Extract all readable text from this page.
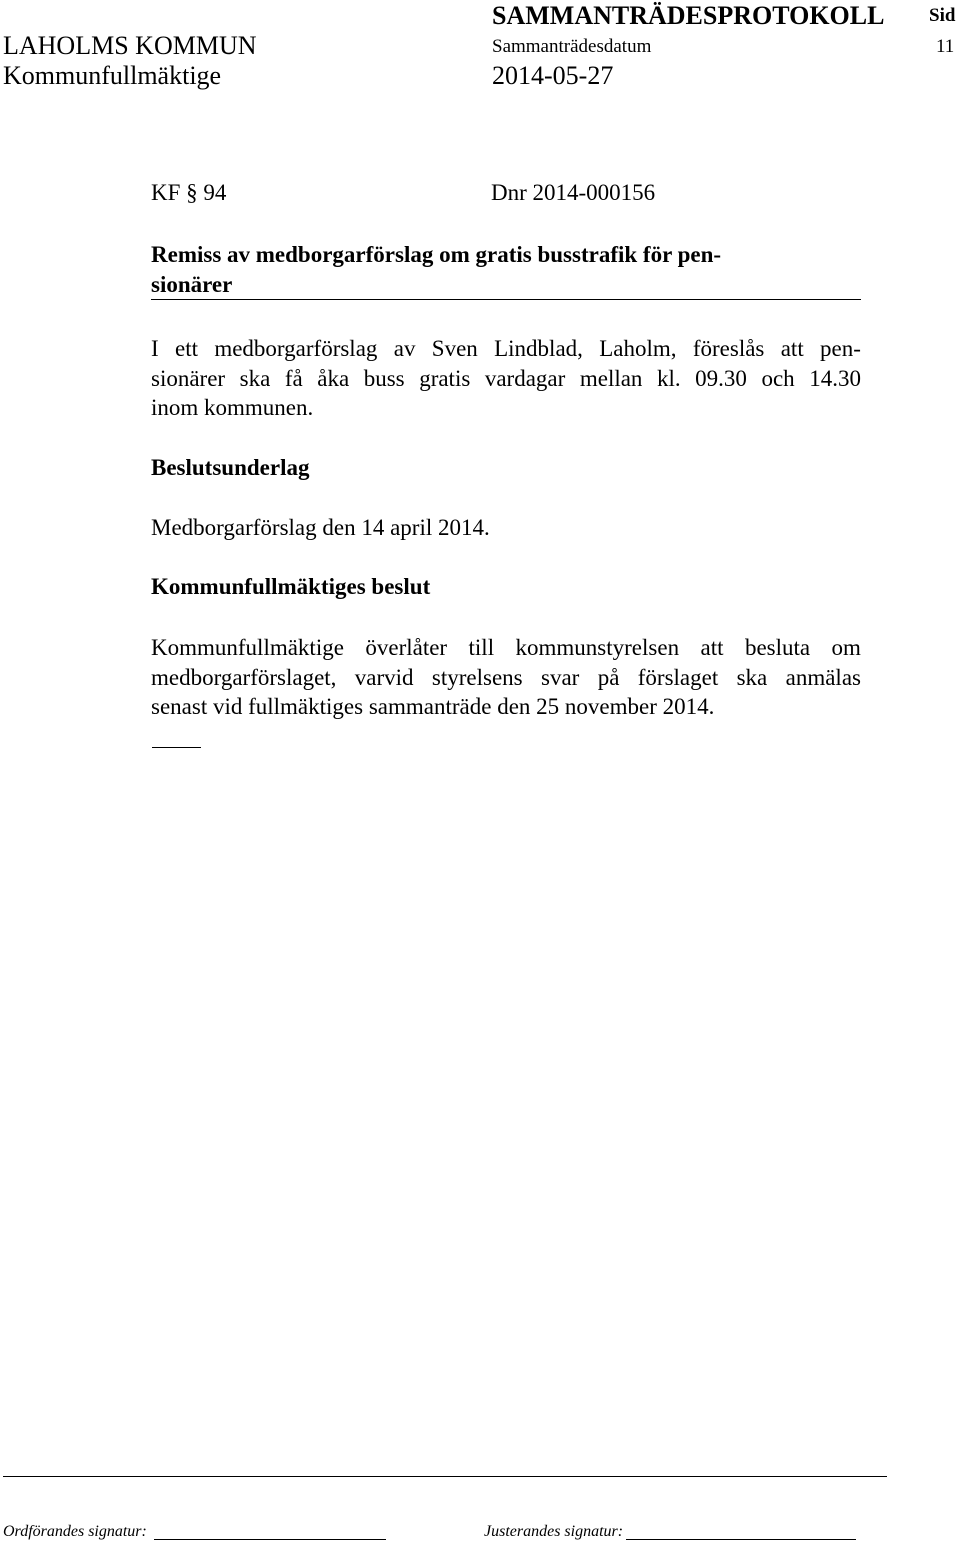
LAHOLMS KOMMUN
Kommunfullmäktige
SAMMANTRÄDESPROTOKOLL
Sammanträdesdatum
2014-05-27
Sid
11
KF § 94	Dnr 2014-000156
Remiss av medborgarförslag om gratis busstrafik för pen-
sionärer
I ett medborgarförslag av Sven Lindblad, Laholm, föreslås att pen-
sionärer ska få åka buss gratis vardagar mellan kl. 09.30 och 14.30
inom kommunen.
Beslutsunderlag
Medborgarförslag den 14 april 2014.
Kommunfullmäktiges beslut
Kommunfullmäktige överlåter till kommunstyrelsen att besluta om
medborgarförslaget, varvid styrelsens svar på förslaget ska anmälas
senast vid fullmäktiges sammanträde den 25 november 2014.
Ordförandes signatur:	Justerandes signatur:
